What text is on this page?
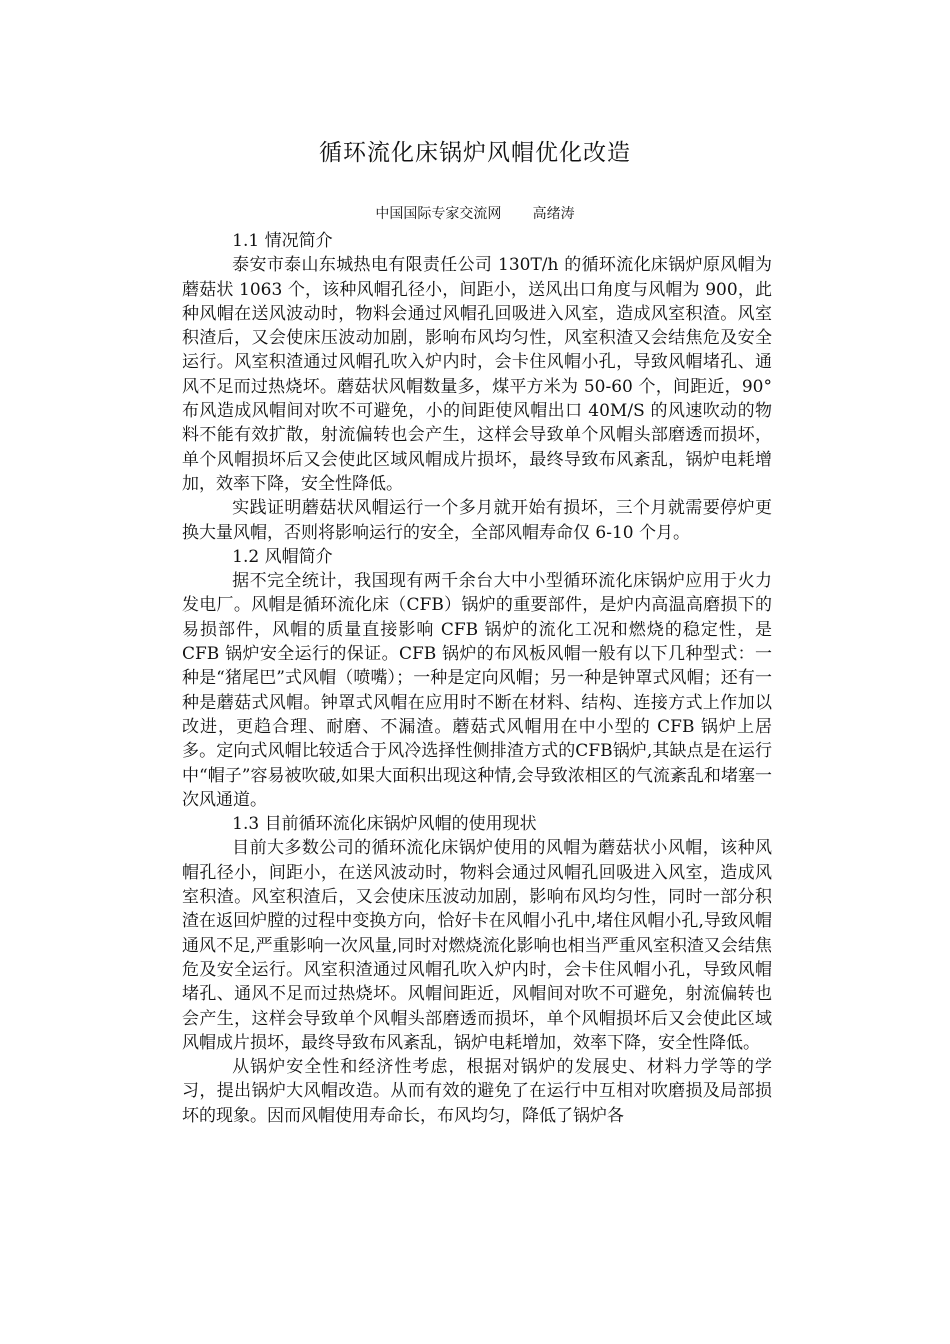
循环流化床锅炉风帽优化改造
中国国际专家交流网 高绪涛
1.1 情况简介

泰安市泰山东城热电有限责任公司 130T/h 的循环流化床锅炉原风帽为蘑菇状 1063 个，该种风帽孔径小，间距小，送风出口角度与风帽为 900，此种风帽在送风波动时，物料会通过风帽孔回吸进入风室，造成风室积渣。风室积渣后，又会使床压波动加剧，影响布风均匀性，风室积渣又会结焦危及安全运行。风室积渣通过风帽孔吹入炉内时，会卡住风帽小孔，导致风帽堵孔、通风不足而过热烧坏。蘑菇状风帽数量多，煤平方米为 50-60 个，间距近，90° 布风造成风帽间对吹不可避免，小的间距使风帽出口 40M/S 的风速吹动的物料不能有效扩散，射流偏转也会产生，这样会导致单个风帽头部磨透而损坏，单个风帽损坏后又会使此区域风帽成片损坏，最终导致布风紊乱，锅炉电耗增加，效率下降，安全性降低。

实践证明蘑菇状风帽运行一个多月就开始有损坏，三个月就需要停炉更换大量风帽，否则将影响运行的安全，全部风帽寿命仅 6-10 个月。

1.2 风帽简介

据不完全统计，我国现有两千余台大中小型循环流化床锅炉应用于火力发电厂。风帽是循环流化床（CFB）锅炉的重要部件，是炉内高温高磨损下的易损部件，风帽的质量直接影响 CFB 锅炉的流化工况和燃烧的稳定性，是 CFB 锅炉安全运行的保证。CFB 锅炉的布风板风帽一般有以下几种型式：一种是“猪尾巴”式风帽（喷嘴）；一种是定向风帽；另一种是钟罩式风帽；还有一种是蘑菇式风帽。钟罩式风帽在应用时不断在材料、结构、连接方式上作加以改进，更趋合理、耐磨、不漏渣。蘑菇式风帽用在中小型的 CFB 锅炉上居多。定向式风帽比较适合于风冷选择性侧排渣方式的CFB锅炉,其缺点是在运行中“帽子”容易被吹破,如果大面积出现这种情,会导致浓相区的气流紊乱和堵塞一次风通道。

1.3 目前循环流化床锅炉风帽的使用现状

目前大多数公司的循环流化床锅炉使用的风帽为蘑菇状小风帽，该种风帽孔径小，间距小，在送风波动时，物料会通过风帽孔回吸进入风室，造成风室积渣。风室积渣后，又会使床压波动加剧，影响布风均匀性，同时一部分积渣在返回炉膛的过程中变换方向，恰好卡在风帽小孔中,堵住风帽小孔,导致风帽通风不足,严重影响一次风量,同时对燃烧流化影响也相当严重风室积渣又会结焦危及安全运行。风室积渣通过风帽孔吹入炉内时，会卡住风帽小孔，导致风帽堵孔、通风不足而过热烧坏。风帽间距近，风帽间对吹不可避免，射流偏转也会产生，这样会导致单个风帽头部磨透而损坏，单个风帽损坏后又会使此区域风帽成片损坏，最终导致布风紊乱，锅炉电耗增加，效率下降，安全性降低。

从锅炉安全性和经济性考虑，根据对锅炉的发展史、材料力学等的学习，提出锅炉大风帽改造。从而有效的避免了在运行中互相对吹磨损及局部损坏的现象。因而风帽使用寿命长，布风均匀，降低了锅炉各
